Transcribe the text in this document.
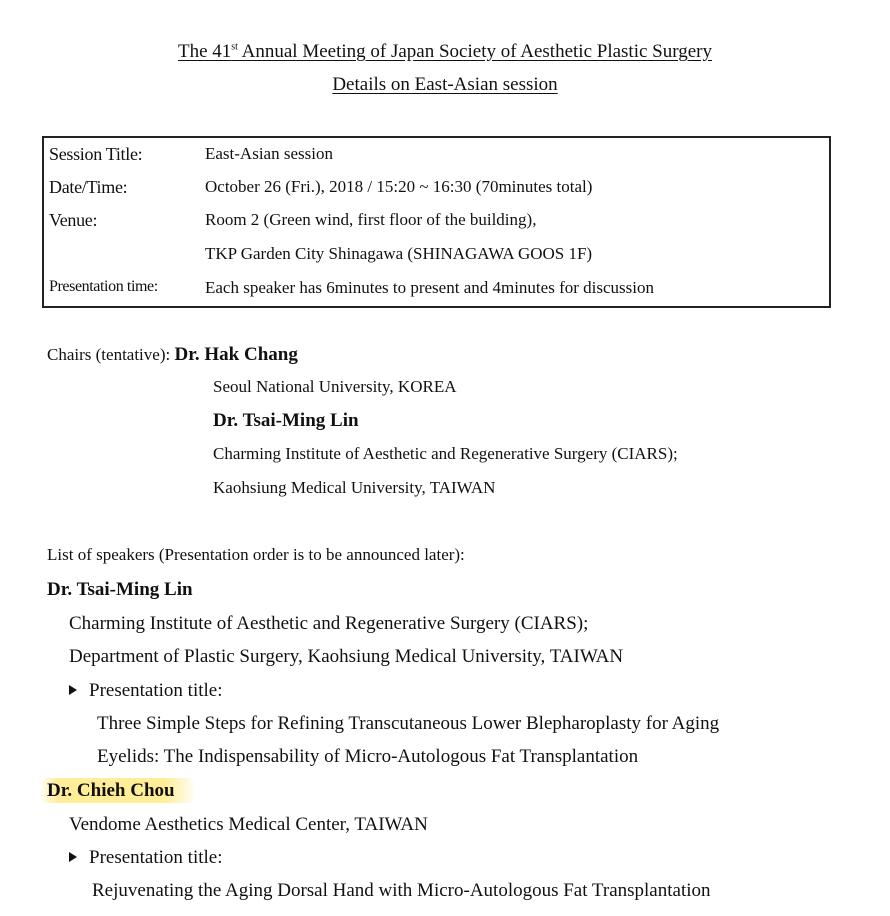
The 41st Annual Meeting of Japan Society of Aesthetic Plastic Surgery
Details on East-Asian session
Session Title:	East-Asian session
Date/Time:	October 26 (Fri.), 2018 / 15:20 ~ 16:30 (70minutes total)
Venue:	Room 2 (Green wind, first floor of the building),
TKP Garden City Shinagawa (SHINAGAWA GOOS 1F)
Presentation time:	Each speaker has 6minutes to present and 4minutes for discussion
Chairs (tentative): Dr. Hak Chang
Seoul National University, KOREA
Dr. Tsai-Ming Lin
Charming Institute of Aesthetic and Regenerative Surgery (CIARS);
Kaohsiung Medical University, TAIWAN
List of speakers (Presentation order is to be announced later):
Dr. Tsai-Ming Lin
Charming Institute of Aesthetic and Regenerative Surgery (CIARS);
Department of Plastic Surgery, Kaohsiung Medical University, TAIWAN
Presentation title:
Three Simple Steps for Refining Transcutaneous Lower Blepharoplasty for Aging
Eyelids: The Indispensability of Micro-Autologous Fat Transplantation
Dr. Chieh Chou
Vendome Aesthetics Medical Center, TAIWAN
Presentation title:
Rejuvenating the Aging Dorsal Hand with Micro-Autologous Fat Transplantation
